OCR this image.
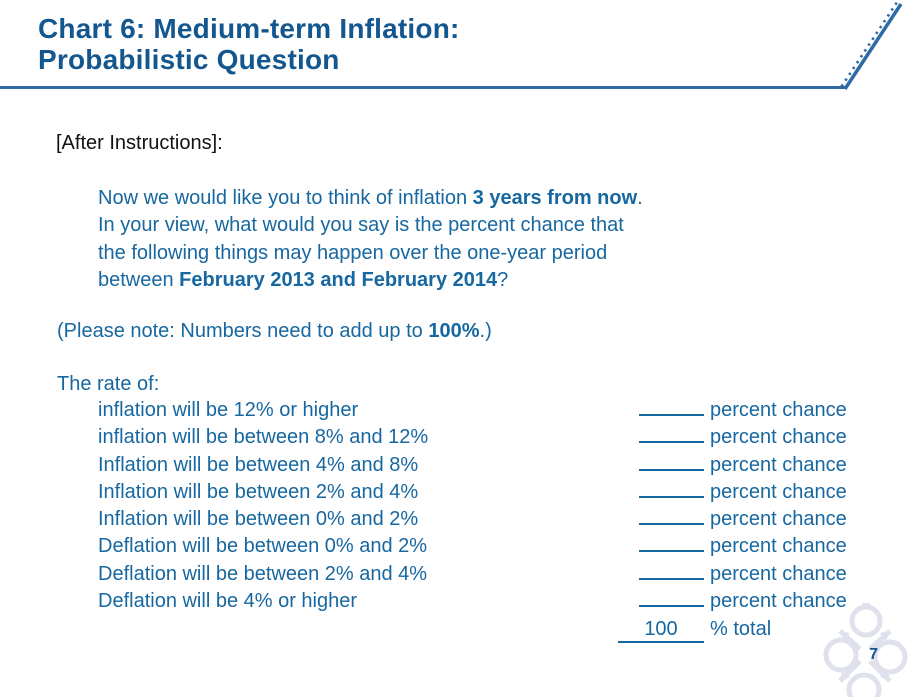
Chart 6: Medium-term Inflation:
Probabilistic Question
[After Instructions]:
Now we would like you to think of inflation 3 years from now.
In your view, what would you say is the percent chance that
the following things may happen over the one-year period
between February 2013 and February 2014?
(Please note: Numbers need to add up to 100%.)
The rate of:
inflation will be 12% or higher	percent chance
inflation will be between 8% and 12%	percent chance
Inflation will be between 4% and 8%	percent chance
Inflation will be between 2% and 4%	percent chance
Inflation will be between 0% and 2%	percent chance
Deflation will be between 0% and 2%	percent chance
Deflation will be between 2% and 4%	percent chance
Deflation will be 4% or higher	percent chance
100	% total
7
